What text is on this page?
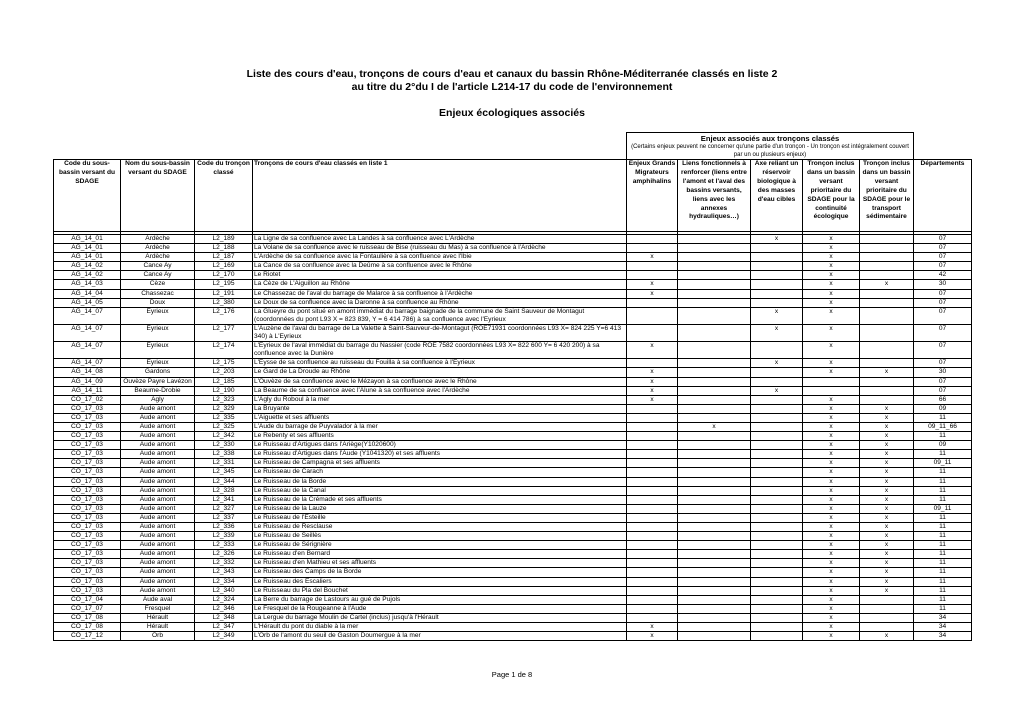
Liste des cours d'eau, tronçons de cours d'eau et canaux du bassin Rhône-Méditerranée classés en liste 2
au titre du 2°du I de l'article L214-17 du code de l'environnement
Enjeux écologiques associés

				Enjeux associés aux tronçons classés
(Certains enjeux peuvent ne concerner qu'une partie d'un tronçon - Un tronçon est intégralement couvert par un ou plusieurs enjeux)					

Code du sous-bassin versant du SDAGE	Nom du sous-bassin versant du SDAGE	Code du tronçon classé	Tronçons de cours d'eau classés en liste 1	Enjeux Grands Migrateurs amphihalins	Liens fonctionnels à renforcer (liens entre l'amont et l'aval des bassins versants, liens avec les annexes hydrauliques…)	Axe reliant un réservoir biologique à des masses d'eau cibles	Tronçon inclus dans un bassin versant prioritaire du SDAGE pour la continuité écologique	Tronçon inclus dans un bassin versant prioritaire du SDAGE pour le transport sédimentaire	Départements

AG_14_01	Ardèche	L2_189	La Ligne de sa confluence avec La Landes à sa confluence avec L'Ardèche			x	x		07
AG_14_01	Ardèche	L2_188	La Volane de sa confluence avec le ruisseau de Bise (ruisseau du Mas) à sa confluence à l'Ardèche				x		07
AG_14_01	Ardèche	L2_187	L'Ardèche de sa confluence avec la Fontaulière à sa confluence avec l'Ibie	x			x		07
AG_14_02	Cance Ay	L2_169	La Cance de sa confluence avec la Deûme à sa confluence avec le Rhône				x		07
AG_14_02	Cance Ay	L2_170	Le Riotet				x		42
AG_14_03	Cèze	L2_195	La Cèze de L'Aiguillon au Rhône	x			x	x	30
AG_14_04	Chassezac	L2_191	Le Chassezac de l'aval du barrage de Malarce à sa confluence à l'Ardèche	x			x		07
AG_14_05	Doux	L2_380	Le Doux de sa confluence avec la Daronne à sa confluence au Rhône				x		07
AG_14_07	Eyrieux	L2_176	La Glueyre du pont situé en amont immédiat du barrage baignade de la commune de Saint Sauveur de Montagut (coordonnées du pont L93 X = 823 839, Y = 6 414 786) à sa confluence avec l'Eyrieux			x	x		07
AG_14_07	Eyrieux	L2_177	L'Auzène de l'aval du barrage de La Valette à Saint-Sauveur-de-Montagut (ROE71931 coordonnées L93 X= 824 225 Y=6 413 340) à L'Eyrieux			x	x		07
AG_14_07	Eyrieux	L2_174	L'Eyrieux de l'aval immédiat du barrage du Nassier (code ROE 7582 coordonnées L93 X= 822 600 Y= 6 420 200) à sa confluence avec la Dunière	x			x		07
AG_14_07	Eyrieux	L2_175	L'Eysse de sa confluence au ruisseau du Fouilla à sa confluence à l'Eyrieux			x	x		07
AG_14_08	Gardons	L2_203	Le Gard de La Droude au Rhône	x			x	x	30
AG_14_09	Ouvèze Payre Lavézon	L2_185	L'Ouvèze de sa confluence avec le Mézayon à sa confluence avec le Rhône	x					07
AG_14_11	Beaume-Drobie	L2_190	La Beaume de sa confluence avec l'Alune à sa confluence avec l'Ardèche	x		x			07
CO_17_02	Agly	L2_323	L'Agly du Roboul à la mer	x			x		66
CO_17_03	Aude amont	L2_329	La Bruyante				x	x	09
CO_17_03	Aude amont	L2_335	L'Aiguette et ses affluents				x	x	11
CO_17_03	Aude amont	L2_325	L'Aude du barrage de Puyvalador à la mer		x		x	x	09_11_66
CO_17_03	Aude amont	L2_342	Le Rebenty et ses affluents				x	x	11
CO_17_03	Aude amont	L2_330	Le Ruisseau d'Artigues dans l'Ariège(Y1020600)				x	x	09
CO_17_03	Aude amont	L2_338	Le Ruisseau d'Artigues dans l'Aude (Y1041320) et ses affluents				x	x	11
CO_17_03	Aude amont	L2_331	Le Ruisseau de Campagna et ses affluents				x	x	09_11
CO_17_03	Aude amont	L2_345	Le Ruisseau de Carach				x	x	11
CO_17_03	Aude amont	L2_344	Le Ruisseau de la Borde				x	x	11
CO_17_03	Aude amont	L2_328	Le Ruisseau de la Canal				x	x	11
CO_17_03	Aude amont	L2_341	Le Ruisseau de la Crémade et ses affluents				x	x	11
CO_17_03	Aude amont	L2_327	Le Ruisseau de la Lauze				x	x	09_11
CO_17_03	Aude amont	L2_337	Le Ruisseau de l'Esteille				x	x	11
CO_17_03	Aude amont	L2_336	Le Ruisseau de Resclause				x	x	11
CO_17_03	Aude amont	L2_339	Le Ruisseau de Seillès				x	x	11
CO_17_03	Aude amont	L2_333	Le Ruisseau de Sérignière				x	x	11
CO_17_03	Aude amont	L2_326	Le Ruisseau d'en Bernard				x	x	11
CO_17_03	Aude amont	L2_332	Le Ruisseau d'en Mathieu et ses affluents				x	x	11
CO_17_03	Aude amont	L2_343	Le Ruisseau des Camps de la Borde				x	x	11
CO_17_03	Aude amont	L2_334	Le Ruisseau des Escaliers				x	x	11
CO_17_03	Aude amont	L2_340	Le Ruisseau du Pla del Bouchet				x	x	11
CO_17_04	Aude aval	L2_324	La Berre du barrage de Lastours au gué de Pujols				x		11
CO_17_07	Fresquel	L2_346	Le Fresquel de la Rougeanne à l'Aude				x		11
CO_17_08	Hérault	L2_348	La Lergue du barrage Moulin de Cartel (inclus) jusqu'à l'Hérault				x		34
CO_17_08	Hérault	L2_347	L'Hérault du pont du diable à la mer	x			x		34
CO_17_12	Orb	L2_349	L'Orb de l'amont du seuil de Gaston Doumergue à la mer	x			x	x	34
Page 1 de 8
